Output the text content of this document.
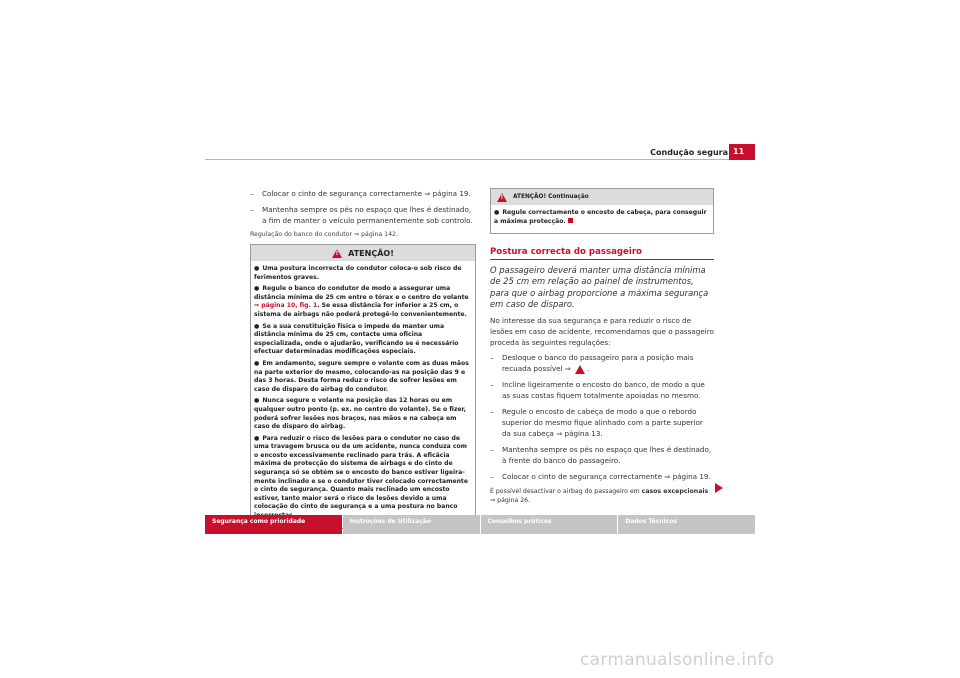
Condução segura 11
– Colocar o cinto de segurança correctamente ⇒ página 19.
– Mantenha sempre os pés no espaço que lhes é destinado, a fim de manter o veículo permanentemente sob controlo.
Regulação do banco do condutor ⇒ página 142.
!
ATENÇÃO!
● Uma postura incorrecta do condutor coloca-o sob risco de ferimentos graves.
● Regule o banco do condutor de modo a assegurar uma distância mínima de 25 cm entre o tórax e o centro do volante ⇒ página 10, fig. 1. Se essa distância for inferior a 25 cm, o sistema de airbags não poderá protegê-lo convenientemente.
● Se a sua constituição física o impede de manter uma distância mínima de 25 cm, contacte uma oficina especializada, onde o ajudarão, verificando se é necessário efectuar determinadas modificações especiais.
● Em andamento, segure sempre o volante com as duas mãos na parte exterior do mesmo, colocando-as na posição das 9 e das 3 horas. Desta forma reduz o risco de sofrer lesões em caso de disparo do airbag do condutor.
● Nunca segure o volante na posição das 12 horas ou em qualquer outro ponto (p. ex. no centro do volante). Se o fizer, poderá sofrer lesões nos braços, nas mãos e na cabeça em caso de disparo do airbag.
● Para reduzir o risco de lesões para o condutor no caso de uma travagem brusca ou de um acidente, nunca conduza com o encosto excessivamente reclinado para trás. A eficácia máxima de protecção do sistema de airbags e do cinto de segurança só se obtém se o encosto do banco estiver ligeira-mente inclinado e se o condutor tiver colocado correctamente o cinto de segurança. Quanto mais reclinado um encosto estiver, tanto maior será o risco de lesões devido a uma colocação do cinto de segurança e a uma postura no banco
!
ATENÇÃO! Continuação
● Regule correctamente o encosto de cabeça, para conseguir a máxima protecção.
Postura correcta do passageiro
O passageiro deverá manter uma distância mínima de 25 cm em relação ao painel de instrumentos, para que o airbag proporcione a máxima segurança em caso de disparo.
No interesse da sua segurança e para reduzir o risco de lesões em caso de acidente, recomendamos que o passageiro proceda às seguintes regulações:
– Desloque o banco do passageiro para a posição mais recuada possível ⇒ .
– Incline ligeiramente o encosto do banco, de modo a que as suas costas fiquem totalmente apoiadas no mesmo.
– Regule o encosto de cabeça de modo a que o rebordo superior do mesmo fique alinhado com a parte superior da sua cabeça ⇒ página 13.
– Mantenha sempre os pés no espaço que lhes é destinado, à frente do banco do passageiro.
– Colocar o cinto de segurança correctamente ⇒ página 19.
É possível desactivar o airbag do passageiro em casos excepcionais
⇒ página 26.
Segurança como prioridade	Instruções de Utilização	Conselhos práticos	Dados Técnicos
carmanualsonline.info
